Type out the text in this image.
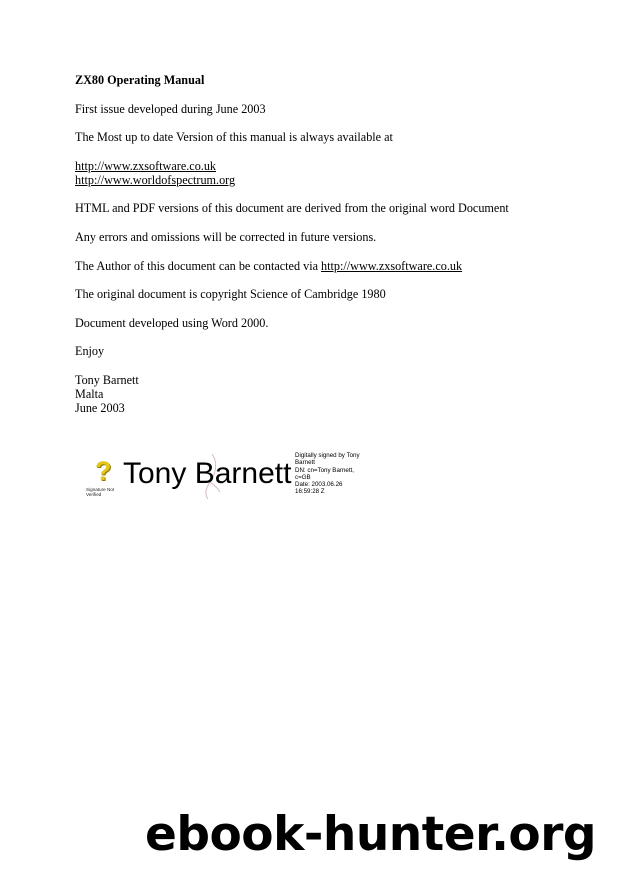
ZX80 Operating Manual

First issue developed during June 2003

The Most up to date Version of this manual is always available at

http://www.zxsoftware.co.uk
http://www.worldofspectrum.org

HTML and PDF versions of this document are derived from the original word Document

Any errors and omissions will be corrected in future versions.

The Author of this document can be contacted via http://www.zxsoftware.co.uk

The original document is copyright Science of Cambridge 1980

Document developed using Word 2000.

Enjoy

Tony Barnett
Malta
June 2003

?
Signature Not Verified
Tony Barnett
Digitally signed by Tony Barnett
DN: cn=Tony Barnett, c=GB
Date: 2003.06.26
16:59:28 Z
ebook-hunter.org
